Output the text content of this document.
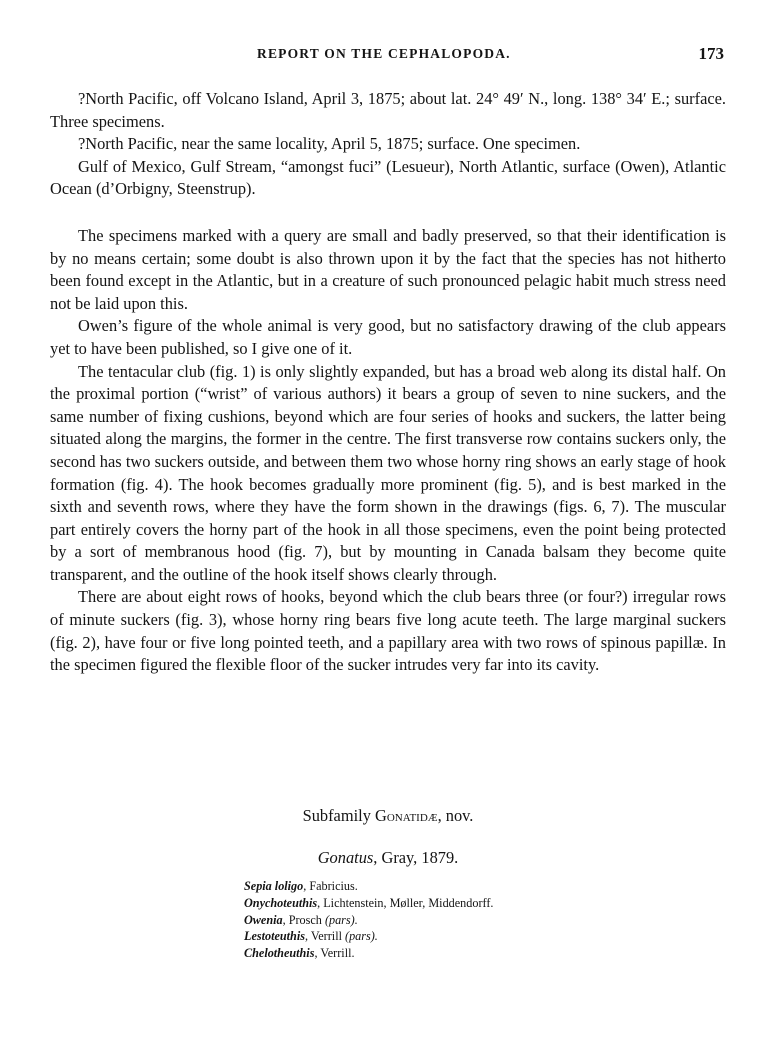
REPORT ON THE CEPHALOPODA.	173

?North Pacific, off Volcano Island, April 3, 1875; about lat. 24° 49′ N., long. 138° 34′ E.; surface. Three specimens.

?North Pacific, near the same locality, April 5, 1875; surface. One specimen.

Gulf of Mexico, Gulf Stream, “amongst fuci” (Lesueur), North Atlantic, surface (Owen), Atlantic Ocean (d’Orbigny, Steenstrup).

The specimens marked with a query are small and badly preserved, so that their identification is by no means certain; some doubt is also thrown upon it by the fact that the species has not hitherto been found except in the Atlantic, but in a creature of such pronounced pelagic habit much stress need not be laid upon this.

Owen’s figure of the whole animal is very good, but no satisfactory drawing of the club appears yet to have been published, so I give one of it.

The tentacular club (fig. 1) is only slightly expanded, but has a broad web along its distal half. On the proximal portion (“wrist” of various authors) it bears a group of seven to nine suckers, and the same number of fixing cushions, beyond which are four series of hooks and suckers, the latter being situated along the margins, the former in the centre. The first transverse row contains suckers only, the second has two suckers outside, and between them two whose horny ring shows an early stage of hook formation (fig. 4). The hook becomes gradually more prominent (fig. 5), and is best marked in the sixth and seventh rows, where they have the form shown in the drawings (figs. 6, 7). The muscular part entirely covers the horny part of the hook in all those specimens, even the point being protected by a sort of membranous hood (fig. 7), but by mounting in Canada balsam they become quite transparent, and the outline of the hook itself shows clearly through.

There are about eight rows of hooks, beyond which the club bears three (or four?) irregular rows of minute suckers (fig. 3), whose horny ring bears five long acute teeth. The large marginal suckers (fig. 2), have four or five long pointed teeth, and a papillary area with two rows of spinous papillæ. In the specimen figured the flexible floor of the sucker intrudes very far into its cavity.

Subfamily Gonatidæ, nov.
Gonatus, Gray, 1879.
Sepia loligo, Fabricius.
Onychoteuthis, Lichtenstein, Møller, Middendorff.
Owenia, Prosch (pars).
Lestoteuthis, Verrill (pars).
Chelotheuthis, Verrill.
